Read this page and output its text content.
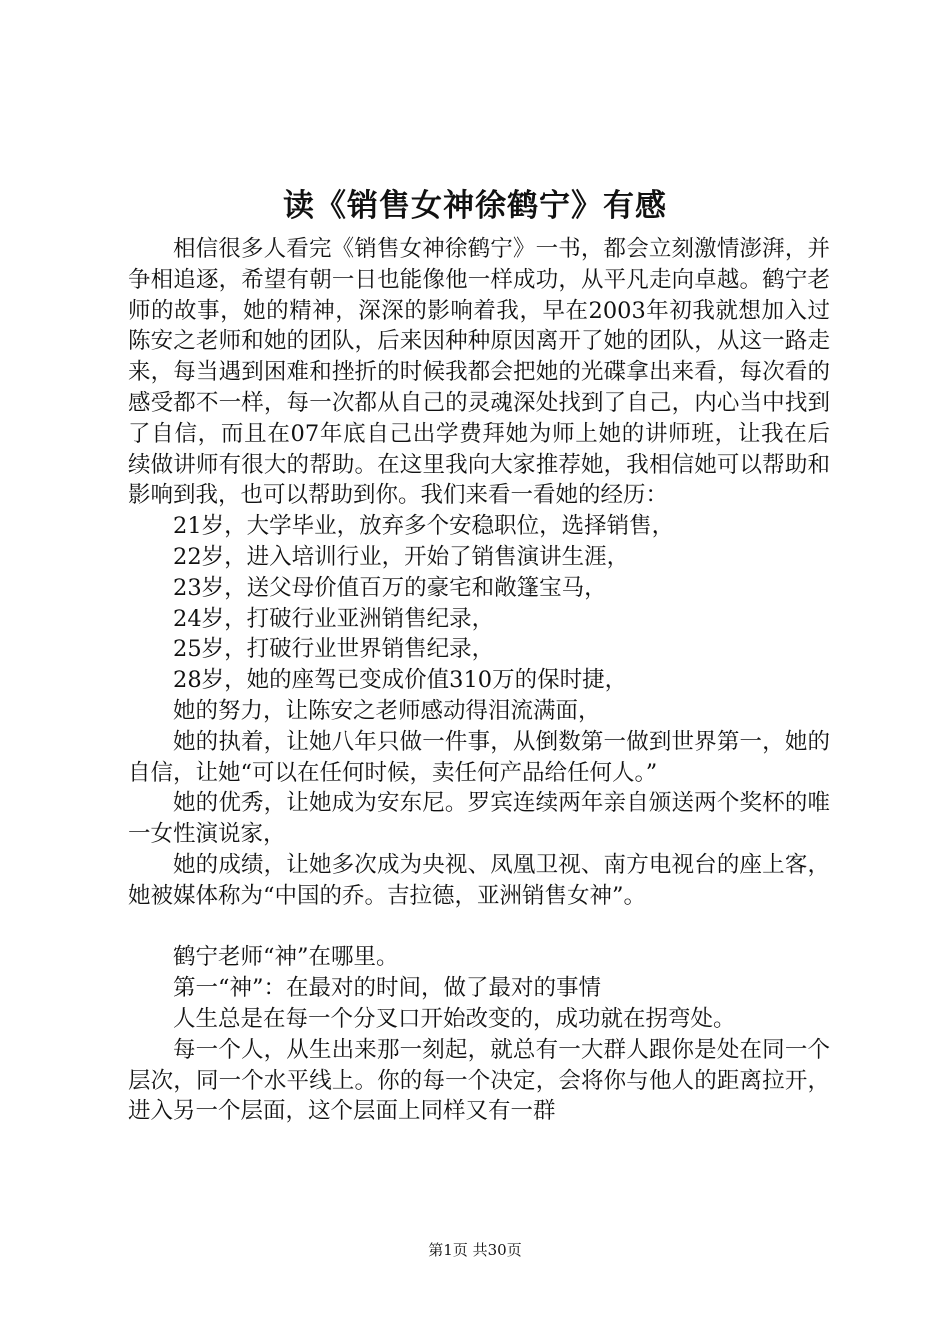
读《销售女神徐鹤宁》有感

相信很多人看完《销售女神徐鹤宁》一书，都会立刻激情澎湃，并争相追逐，希望有朝一日也能像他一样成功，从平凡走向卓越。鹤宁老师的故事，她的精神，深深的影响着我，早在2003年初我就想加入过陈安之老师和她的团队，后来因种种原因离开了她的团队，从这一路走来，每当遇到困难和挫折的时候我都会把她的光碟拿出来看，每次看的感受都不一样，每一次都从自己的灵魂深处找到了自己，内心当中找到了自信，而且在07年底自己出学费拜她为师上她的讲师班，让我在后续做讲师有很大的帮助。在这里我向大家推荐她，我相信她可以帮助和影响到我，也可以帮助到你。我们来看一看她的经历：

21岁，大学毕业，放弃多个安稳职位，选择销售，

22岁，进入培训行业，开始了销售演讲生涯，

23岁，送父母价值百万的豪宅和敞篷宝马，

24岁，打破行业亚洲销售纪录，

25岁，打破行业世界销售纪录，

28岁，她的座驾已变成价值310万的保时捷，

她的努力，让陈安之老师感动得泪流满面，

她的执着，让她八年只做一件事，从倒数第一做到世界第一，她的自信，让她“可以在任何时候，卖任何产品给任何人。”

她的优秀，让她成为安东尼。罗宾连续两年亲自颁送两个奖杯的唯一女性演说家，

她的成绩，让她多次成为央视、凤凰卫视、南方电视台的座上客，她被媒体称为“中国的乔。吉拉德，亚洲销售女神”。

鹤宁老师“神”在哪里。

第一“神”：在最对的时间，做了最对的事情

人生总是在每一个分叉口开始改变的，成功就在拐弯处。

每一个人，从生出来那一刻起，就总有一大群人跟你是处在同一个层次，同一个水平线上。你的每一个决定，会将你与他人的距离拉开，进入另一个层面，这个层面上同样又有一群

第1页 共30页
